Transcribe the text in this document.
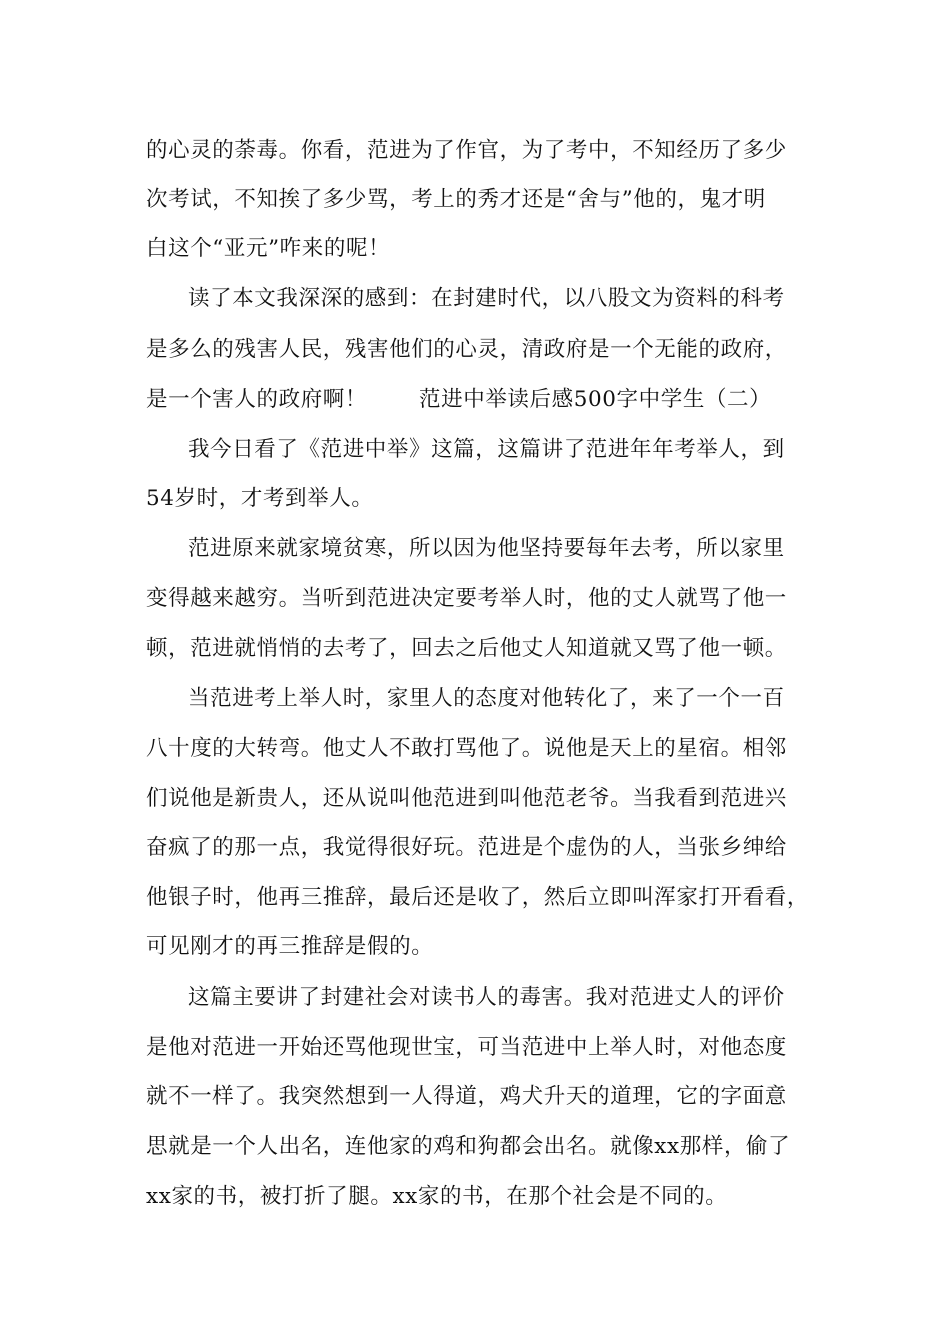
的心灵的荼毒。你看，范进为了作官，为了考中，不知经历了多少
次考试，不知挨了多少骂，考上的秀才还是“舍与”他的，鬼才明
白这个“亚元”咋来的呢！
读了本文我深深的感到：在封建时代，以八股文为资料的科考
是多么的残害人民，残害他们的心灵，清政府是一个无能的政府，
是一个害人的政府啊！ 范进中举读后感500字中学生（二）
我今日看了《范进中举》这篇，这篇讲了范进年年考举人，到
54岁时，才考到举人。
范进原来就家境贫寒，所以因为他坚持要每年去考，所以家里
变得越来越穷。当听到范进决定要考举人时，他的丈人就骂了他一
顿，范进就悄悄的去考了，回去之后他丈人知道就又骂了他一顿。
当范进考上举人时，家里人的态度对他转化了，来了一个一百
八十度的大转弯。他丈人不敢打骂他了。说他是天上的星宿。相邻
们说他是新贵人，还从说叫他范进到叫他范老爷。当我看到范进兴
奋疯了的那一点，我觉得很好玩。范进是个虚伪的人，当张乡绅给
他银子时，他再三推辞，最后还是收了，然后立即叫浑家打开看看，
可见刚才的再三推辞是假的。
这篇主要讲了封建社会对读书人的毒害。我对范进丈人的评价
是他对范进一开始还骂他现世宝，可当范进中上举人时，对他态度
就不一样了。我突然想到一人得道，鸡犬升天的道理，它的字面意
思就是一个人出名，连他家的鸡和狗都会出名。就像xx那样，偷了
xx家的书，被打折了腿。xx家的书，在那个社会是不同的。
